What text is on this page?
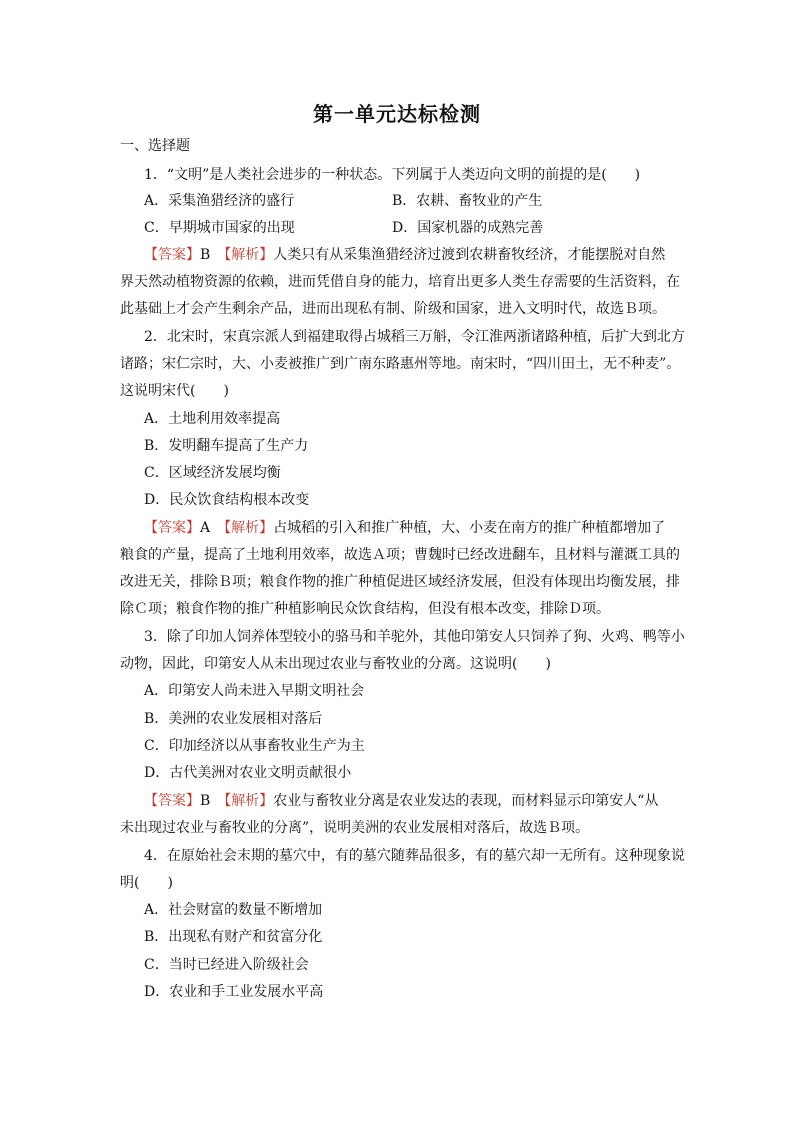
第一单元达标检测
一、选择题
1．“文明”是人类社会进步的一种状态。下列属于人类迈向文明的前提的是(　　)
A．采集渔猎经济的盛行	B．农耕、畜牧业的产生
C．早期城市国家的出现	D．国家机器的成熟完善
【答案】B　 【解析】人类只有从采集渔猎经济过渡到农耕畜牧经济，才能摆脱对自然
界天然动植物资源的依赖，进而凭借自身的能力，培育出更多人类生存需要的生活资料，在
此基础上才会产生剩余产品，进而出现私有制、阶级和国家，进入文明时代，故选Ｂ项。
2．北宋时，宋真宗派人到福建取得占城稻三万斛，令江淮两浙诸路种植，后扩大到北方
诸路；宋仁宗时，大、小麦被推广到广南东路惠州等地。南宋时，“四川田土，无不种麦”。
这说明宋代(　　)
A．土地利用效率提高
B．发明翻车提高了生产力
C．区域经济发展均衡
D．民众饮食结构根本改变
【答案】A　 【解析】占城稻的引入和推广种植，大、小麦在南方的推广种植都增加了
粮食的产量，提高了土地利用效率，故选Ａ项；曹魏时已经改进翻车，且材料与灌溉工具的
改进无关，排除Ｂ项；粮食作物的推广种植促进区域经济发展，但没有体现出均衡发展，排
除Ｃ项；粮食作物的推广种植影响民众饮食结构，但没有根本改变，排除Ｄ项。
3．除了印加人饲养体型较小的骆马和羊驼外，其他印第安人只饲养了狗、火鸡、鸭等小
动物，因此，印第安人从未出现过农业与畜牧业的分离。这说明(　　)
A．印第安人尚未进入早期文明社会
B．美洲的农业发展相对落后
C．印加经济以从事畜牧业生产为主
D．古代美洲对农业文明贡献很小
【答案】B　 【解析】农业与畜牧业分离是农业发达的表现，而材料显示印第安人“从
未出现过农业与畜牧业的分离”，说明美洲的农业发展相对落后，故选Ｂ项。
4．在原始社会末期的墓穴中，有的墓穴随葬品很多，有的墓穴却一无所有。这种现象说
明(　　)
A．社会财富的数量不断增加
B．出现私有财产和贫富分化
C．当时已经进入阶级社会
D．农业和手工业发展水平高
